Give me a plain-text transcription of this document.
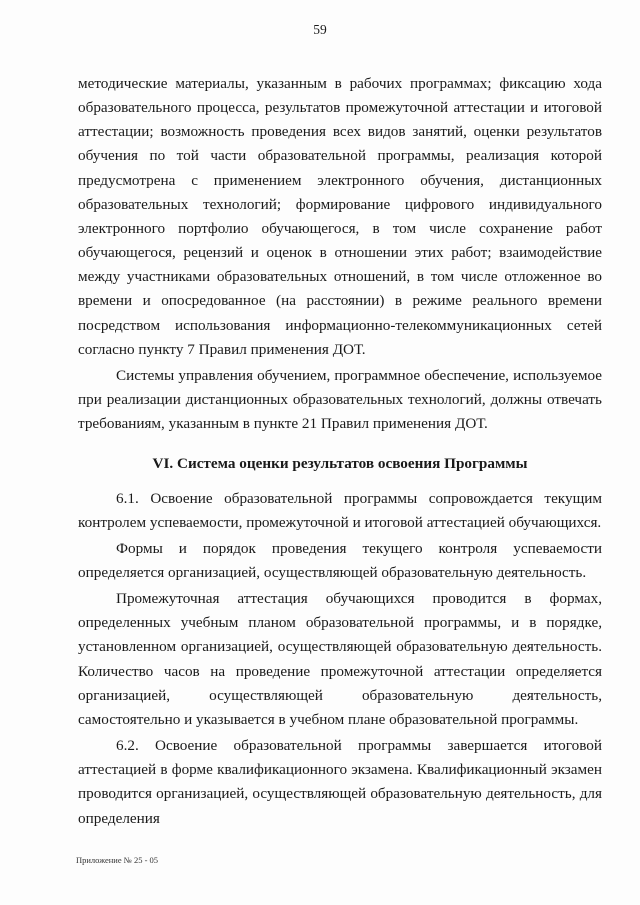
59

методические материалы, указанным в рабочих программах; фиксацию хода образовательного процесса, результатов промежуточной аттестации и итоговой аттестации; возможность проведения всех видов занятий, оценки результатов обучения по той части образовательной программы, реализация которой предусмотрена с применением электронного обучения, дистанционных образовательных технологий; формирование цифрового индивидуального электронного портфолио обучающегося, в том числе сохранение работ обучающегося, рецензий и оценок в отношении этих работ; взаимодействие между участниками образовательных отношений, в том числе отложенное во времени и опосредованное (на расстоянии) в режиме реального времени посредством использования информационно-телекоммуникационных сетей согласно пункту 7 Правил применения ДОТ.

Системы управления обучением, программное обеспечение, используемое при реализации дистанционных образовательных технологий, должны отвечать требованиям, указанным в пункте 21 Правил применения ДОТ.

VI. Система оценки результатов освоения Программы

6.1. Освоение образовательной программы сопровождается текущим контролем успеваемости, промежуточной и итоговой аттестацией обучающихся.

Формы и порядок проведения текущего контроля успеваемости определяется организацией, осуществляющей образовательную деятельность.

Промежуточная аттестация обучающихся проводится в формах, определенных учебным планом образовательной программы, и в порядке, установленном организацией, осуществляющей образовательную деятельность. Количество часов на проведение промежуточной аттестации определяется организацией, осуществляющей образовательную деятельность, самостоятельно и указывается в учебном плане образовательной программы.

6.2. Освоение образовательной программы завершается итоговой аттестацией в форме квалификационного экзамена. Квалификационный экзамен проводится организацией, осуществляющей образовательную деятельность, для определения

Приложение № 25 - 05
